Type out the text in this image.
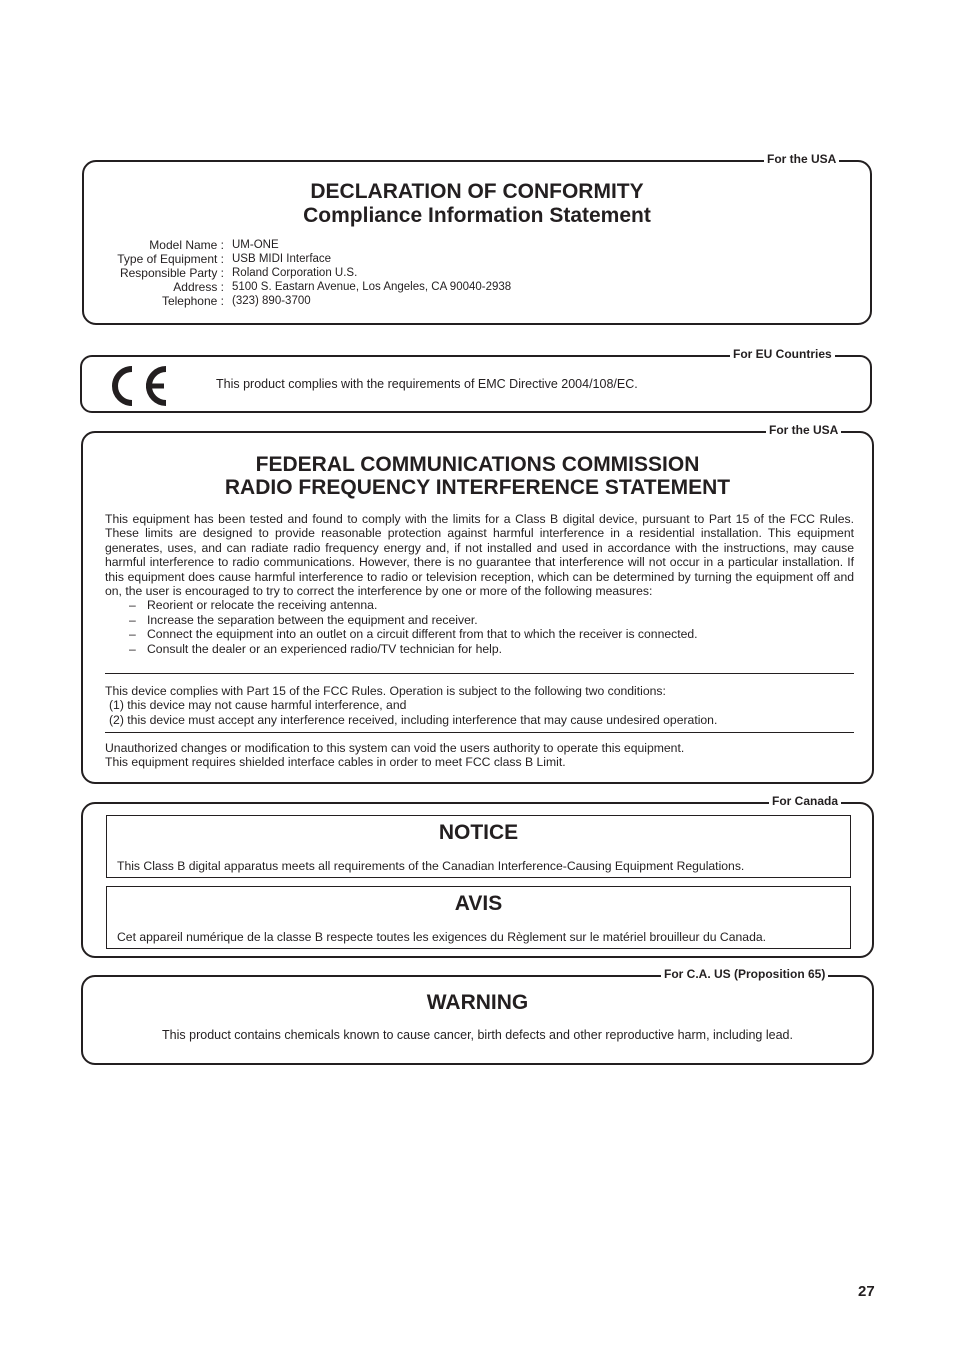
DECLARATION OF CONFORMITY
Compliance Information Statement
Model Name : UM-ONE
Type of Equipment : USB MIDI Interface
Responsible Party : Roland Corporation U.S.
Address : 5100 S. Eastarn Avenue, Los Angeles, CA 90040-2938
Telephone : (323) 890-3700
For the USA
This product complies with the requirements of EMC Directive 2004/108/EC.
For EU Countries
FEDERAL COMMUNICATIONS COMMISSION
RADIO FREQUENCY INTERFERENCE STATEMENT

This equipment has been tested and found to comply with the limits for a Class B digital device, pursuant to Part 15 of the FCC Rules. These limits are designed to provide reasonable protection against harmful interference in a residential installation. This equipment generates, uses, and can radiate radio frequency energy and, if not installed and used in accordance with the instructions, may cause harmful interference to radio communications. However, there is no guarantee that interference will not occur in a particular installation. If this equipment does cause harmful interference to radio or television reception, which can be determined by turning the equipment off and on, the user is encouraged to try to correct the interference by one or more of the following measures:

– Reorient or relocate the receiving antenna.
– Increase the separation between the equipment and receiver.
– Connect the equipment into an outlet on a circuit different from that to which the receiver is connected.
– Consult the dealer or an experienced radio/TV technician for help.

This device complies with Part 15 of the FCC Rules. Operation is subject to the following two conditions:

(1) this device may not cause harmful interference, and

(2) this device must accept any interference received, including interference that may cause undesired operation.

Unauthorized changes or modification to this system can void the users authority to operate this equipment.

This equipment requires shielded interface cables in order to meet FCC class B Limit.

For the USA
NOTICE
This Class B digital apparatus meets all requirements of the Canadian Interference-Causing Equipment Regulations.
AVIS
Cet appareil numérique de la classe B respecte toutes les exigences du Règlement sur le matériel brouilleur du Canada.
For Canada
WARNING
This product contains chemicals known to cause cancer, birth defects and other reproductive harm, including lead.
For C.A. US (Proposition 65)
27
